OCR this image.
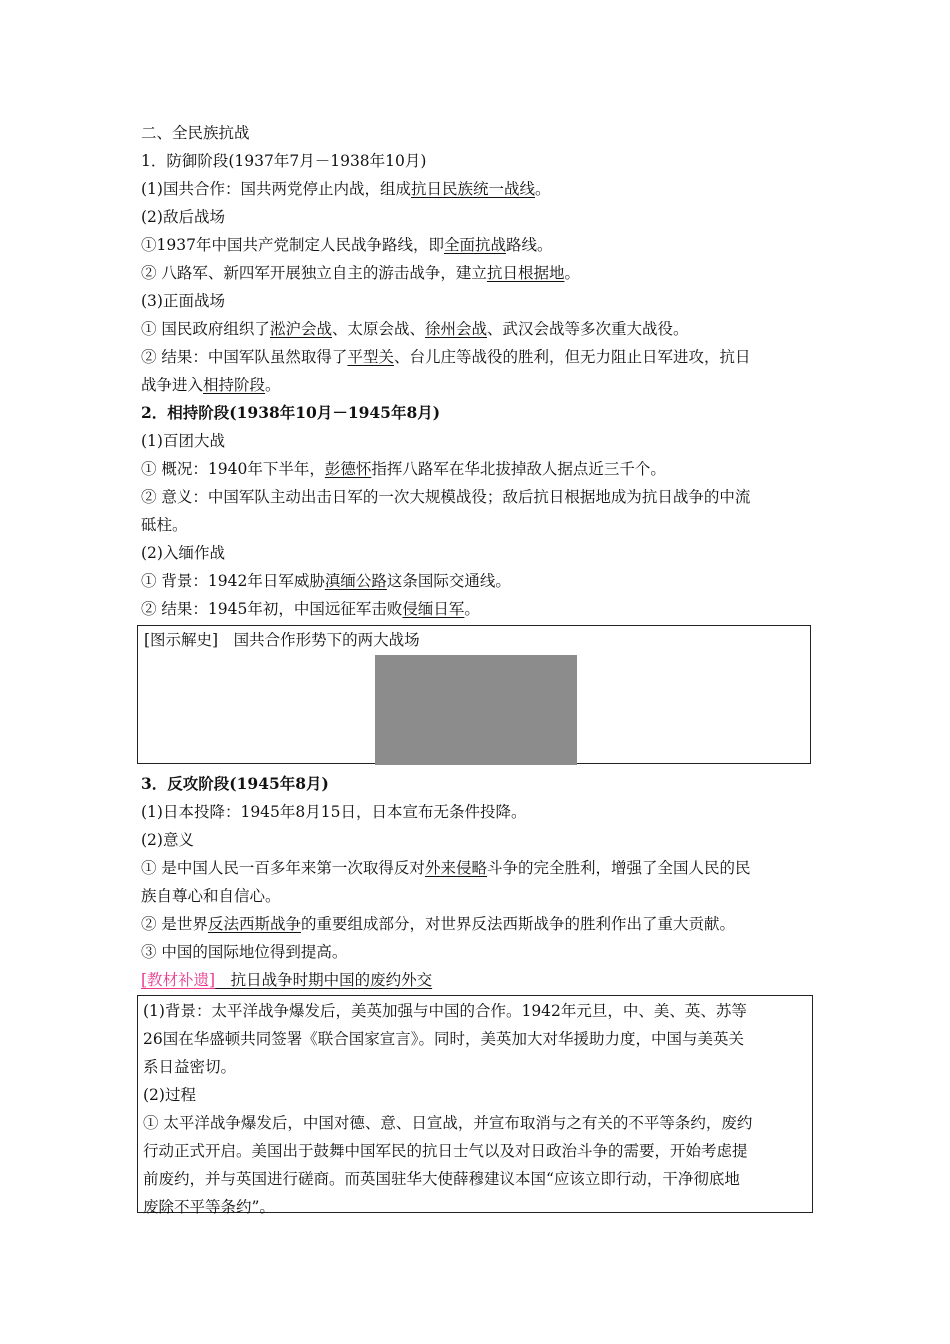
二、全民族抗战
1．防御阶段(1937年7月－1938年10月)
(1)国共合作：国共两党停止内战，组成抗日民族统一战线。
(2)敌后战场
①1937年中国共产党制定人民战争路线，即全面抗战路线。
② 八路军、新四军开展独立自主的游击战争，建立抗日根据地。
(3)正面战场
① 国民政府组织了淞沪会战、太原会战、徐州会战、武汉会战等多次重大战役。
② 结果：中国军队虽然取得了平型关、台儿庄等战役的胜利，但无力阻止日军进攻，抗日
战争进入相持阶段。
2．相持阶段(1938年10月－1945年8月)
(1)百团大战
① 概况：1940年下半年，彭德怀指挥八路军在华北拔掉敌人据点近三千个。
② 意义：中国军队主动出击日军的一次大规模战役；敌后抗日根据地成为抗日战争的中流
砥柱。
(2)入缅作战
① 背景：1942年日军威胁滇缅公路这条国际交通线。
② 结果：1945年初，中国远征军击败侵缅日军。
[图示解史]　国共合作形势下的两大战场
3．反攻阶段(1945年8月)
(1)日本投降：1945年8月15日，日本宣布无条件投降。
(2)意义
① 是中国人民一百多年来第一次取得反对外来侵略斗争的完全胜利，增强了全国人民的民
族自尊心和自信心。
② 是世界反法西斯战争的重要组成部分，对世界反法西斯战争的胜利作出了重大贡献。
③ 中国的国际地位得到提高。
[教材补遗]　抗日战争时期中国的废约外交
(1)背景：太平洋战争爆发后，美英加强与中国的合作。1942年元旦，中、美、英、苏等
26国在华盛顿共同签署《联合国家宣言》。同时，美英加大对华援助力度，中国与美英关
系日益密切。
(2)过程
① 太平洋战争爆发后，中国对德、意、日宣战，并宣布取消与之有关的不平等条约，废约
行动正式开启。美国出于鼓舞中国军民的抗日士气以及对日政治斗争的需要，开始考虑提
前废约，并与英国进行磋商。而英国驻华大使薛穆建议本国“应该立即行动，干净彻底地
废除不平等条约”。
